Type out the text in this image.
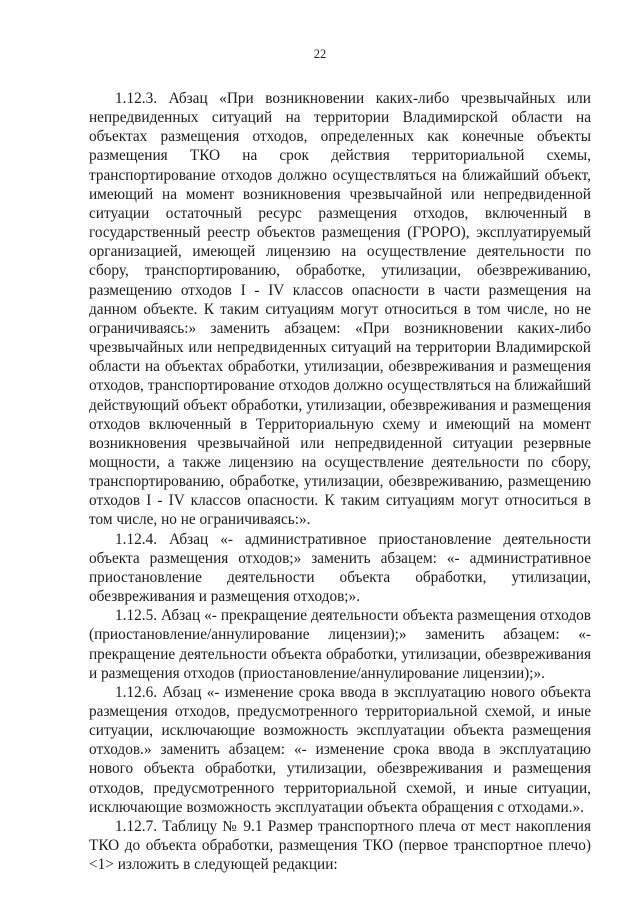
22

1.12.3. Абзац «При возникновении каких-либо чрезвычайных или непредвиденных ситуаций на территории Владимирской области на объектах размещения отходов, определенных как конечные объекты размещения ТКО на срок действия территориальной схемы, транспортирование отходов должно осуществляться на ближайший объект, имеющий на момент возникновения чрезвычайной или непредвиденной ситуации остаточный ресурс размещения отходов, включенный в государственный реестр объектов размещения (ГРОРО), эксплуатируемый организацией, имеющей лицензию на осуществление деятельности по сбору, транспортированию, обработке, утилизации, обезвреживанию, размещению отходов I - IV классов опасности в части размещения на данном объекте. К таким ситуациям могут относиться в том числе, но не ограничиваясь:» заменить абзацем: «При возникновении каких-либо чрезвычайных или непредвиденных ситуаций на территории Владимирской области на объектах обработки, утилизации, обезвреживания и размещения отходов, транспортирование отходов должно осуществляться на ближайший действующий объект обработки, утилизации, обезвреживания и размещения отходов включенный в Территориальную схему и имеющий на момент возникновения чрезвычайной или непредвиденной ситуации резервные мощности, а также лицензию на осуществление деятельности по сбору, транспортированию, обработке, утилизации, обезвреживанию, размещению отходов I - IV классов опасности. К таким ситуациям могут относиться в том числе, но не ограничиваясь:».

1.12.4. Абзац «- административное приостановление деятельности объекта размещения отходов;» заменить абзацем: «- административное приостановление деятельности объекта обработки, утилизации, обезвреживания и размещения отходов;».

1.12.5. Абзац «- прекращение деятельности объекта размещения отходов (приостановление/аннулирование лицензии);» заменить абзацем: «- прекращение деятельности объекта обработки, утилизации, обезвреживания и размещения отходов (приостановление/аннулирование лицензии);».

1.12.6. Абзац «- изменение срока ввода в эксплуатацию нового объекта размещения отходов, предусмотренного территориальной схемой, и иные ситуации, исключающие возможность эксплуатации объекта размещения отходов.» заменить абзацем: «- изменение срока ввода в эксплуатацию нового объекта обработки, утилизации, обезвреживания и размещения отходов, предусмотренного территориальной схемой, и иные ситуации, исключающие возможность эксплуатации объекта обращения с отходами.».

1.12.7. Таблицу № 9.1 Размер транспортного плеча от мест накопления ТКО до объекта обработки, размещения ТКО (первое транспортное плечо) <1> изложить в следующей редакции:
